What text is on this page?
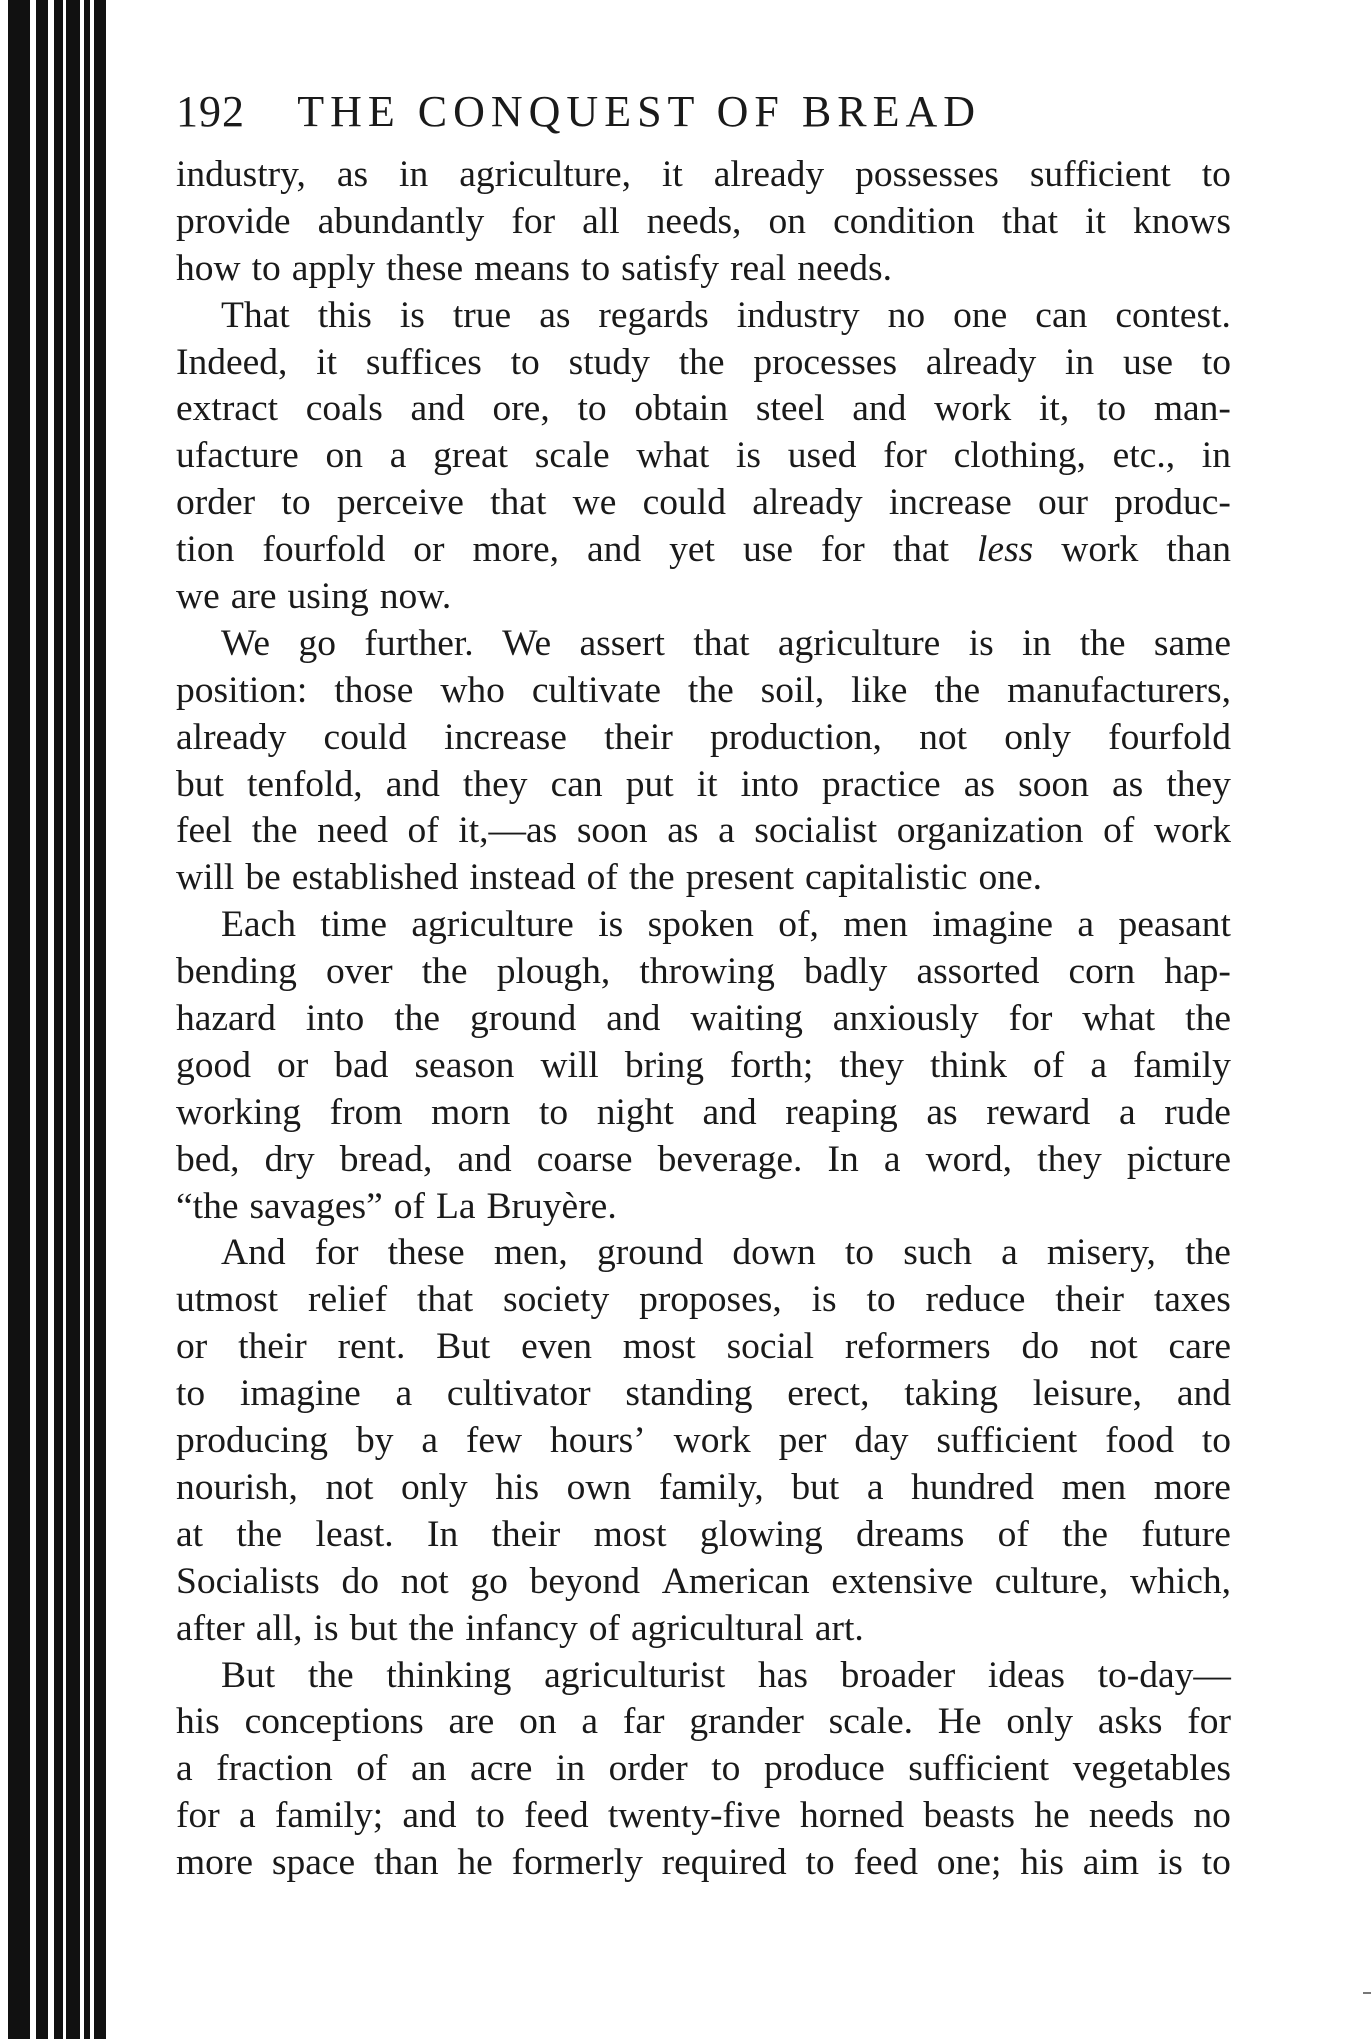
192 THE CONQUEST OF BREAD
industry, as in agriculture, it already possesses sufficient to
provide abundantly for all needs, on condition that it knows
how to apply these means to satisfy real needs.
That this is true as regards industry no one can contest.
Indeed, it suffices to study the processes already in use to
extract coals and ore, to obtain steel and work it, to man-
ufacture on a great scale what is used for clothing, etc., in
order to perceive that we could already increase our produc-
tion fourfold or more, and yet use for that less work than
we are using now.
We go further. We assert that agriculture is in the same
position: those who cultivate the soil, like the manufacturers,
already could increase their production, not only fourfold
but tenfold, and they can put it into practice as soon as they
feel the need of it,—as soon as a socialist organization of work
will be established instead of the present capitalistic one.
Each time agriculture is spoken of, men imagine a peasant
bending over the plough, throwing badly assorted corn hap-
hazard into the ground and waiting anxiously for what the
good or bad season will bring forth; they think of a family
working from morn to night and reaping as reward a rude
bed, dry bread, and coarse beverage. In a word, they picture
“the savages” of La Bruyère.
And for these men, ground down to such a misery, the
utmost relief that society proposes, is to reduce their taxes
or their rent. But even most social reformers do not care
to imagine a cultivator standing erect, taking leisure, and
producing by a few hours’ work per day sufficient food to
nourish, not only his own family, but a hundred men more
at the least. In their most glowing dreams of the future
Socialists do not go beyond American extensive culture, which,
after all, is but the infancy of agricultural art.
But the thinking agriculturist has broader ideas to-day—
his conceptions are on a far grander scale. He only asks for
a fraction of an acre in order to produce sufficient vegetables
for a family; and to feed twenty-five horned beasts he needs no
more space than he formerly required to feed one; his aim is to
